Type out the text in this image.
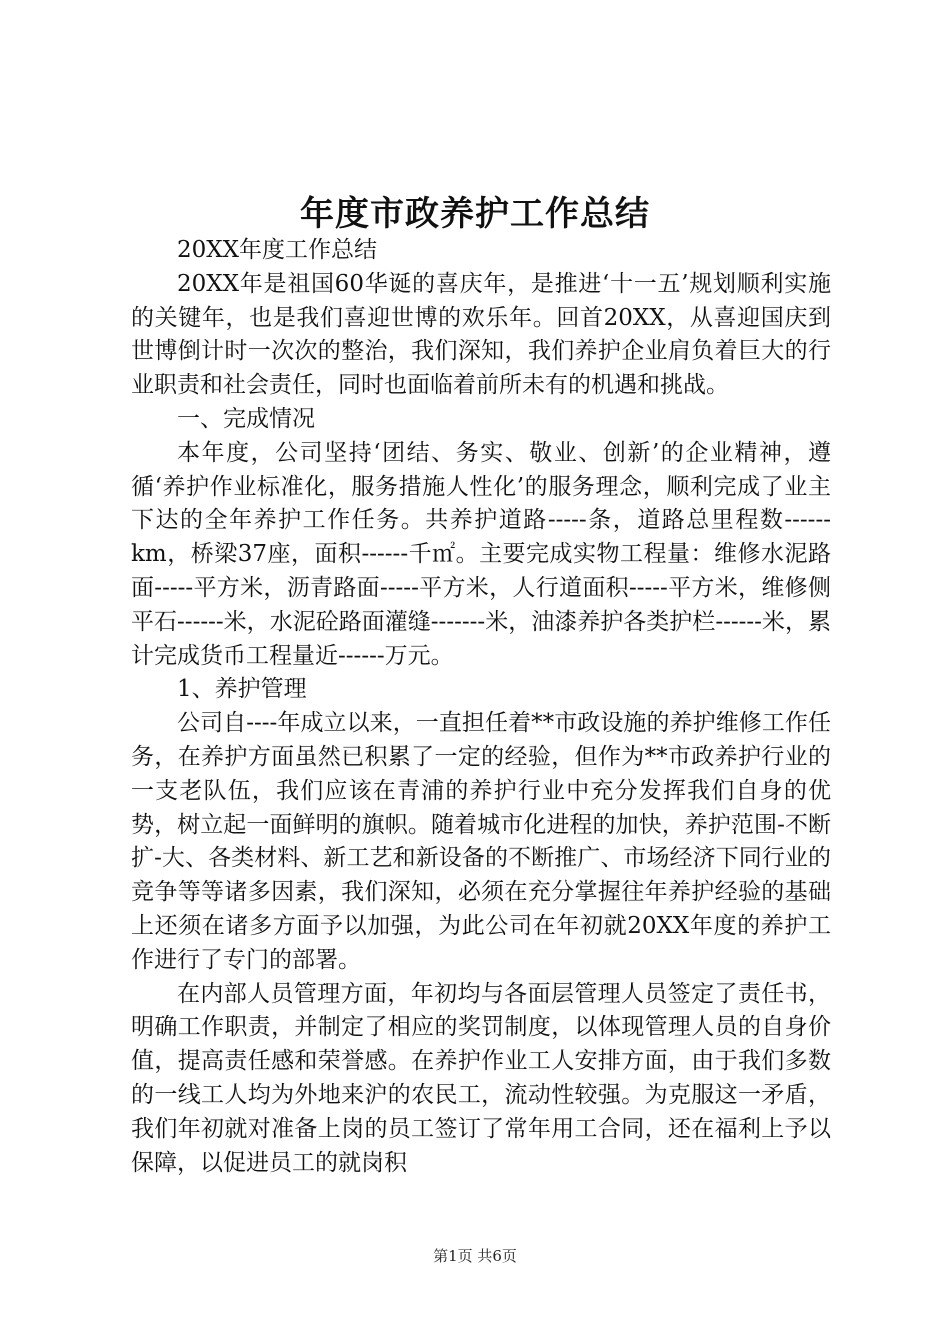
年度市政养护工作总结

20XX年度工作总结

20XX年是祖国60华诞的喜庆年，是推进‘十一五’规划顺利实施的关键年，也是我们喜迎世博的欢乐年。回首20XX，从喜迎国庆到世博倒计时一次次的整治，我们深知，我们养护企业肩负着巨大的行业职责和社会责任，同时也面临着前所未有的机遇和挑战。

一、完成情况

本年度，公司坚持‘团结、务实、敬业、创新’的企业精神，遵循‘养护作业标准化，服务措施人性化’的服务理念，顺利完成了业主下达的全年养护工作任务。共养护道路-----条，道路总里程数------km，桥梁37座，面积------千㎡。主要完成实物工程量：维修水泥路面-----平方米，沥青路面-----平方米，人行道面积-----平方米，维修侧平石------米，水泥砼路面灌缝-------米，油漆养护各类护栏------米，累计完成货币工程量近------万元。

1、养护管理

公司自----年成立以来，一直担任着**市政设施的养护维修工作任务，在养护方面虽然已积累了一定的经验，但作为**市政养护行业的一支老队伍，我们应该在青浦的养护行业中充分发挥我们自身的优势，树立起一面鲜明的旗帜。随着城市化进程的加快，养护范围-不断扩-大、各类材料、新工艺和新设备的不断推广、市场经济下同行业的竞争等等诸多因素，我们深知，必须在充分掌握往年养护经验的基础上还须在诸多方面予以加强，为此公司在年初就20XX年度的养护工作进行了专门的部署。

在内部人员管理方面，年初均与各面层管理人员签定了责任书，明确工作职责，并制定了相应的奖罚制度，以体现管理人员的自身价值，提高责任感和荣誉感。在养护作业工人安排方面，由于我们多数的一线工人均为外地来沪的农民工，流动性较强。为克服这一矛盾，我们年初就对准备上岗的员工签订了常年用工合同，还在福利上予以保障，以促进员工的就岗积

第1页 共6页
